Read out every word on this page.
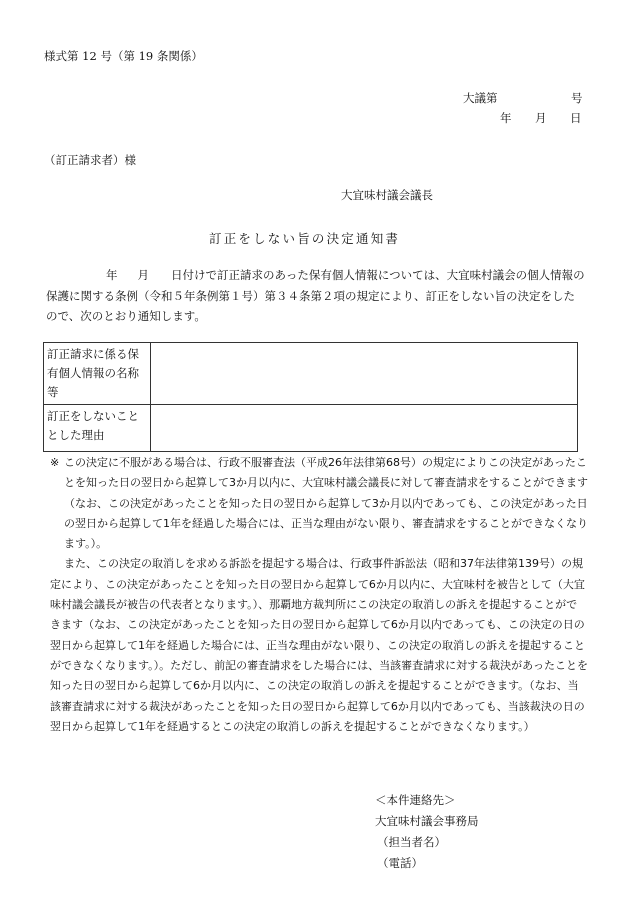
様式第 12 号（第 19 条関係）
大議第	号
年 月 日
（訂正請求者）様
大宜味村議会議長
訂正をしない旨の決定通知書
年 月 日付けで訂正請求のあった保有個人情報については、大宜味村議会の個人情報の保護に関する条例（令和５年条例第１号）第３４条第２項の規定により、訂正をしない旨の決定をしたので、次のとおり通知します。
訂正請求に係る保有個人情報の名称等	
訂正をしないこととした理由	
※ この決定に不服がある場合は、行政不服審査法（平成26年法律第68号）の規定によりこの決定があったことを知った日の翌日から起算して3か月以内に、大宜味村議会議長に対して審査請求をすることができます（なお、この決定があったことを知った日の翌日から起算して3か月以内であっても、この決定があった日の翌日から起算して1年を経過した場合には、正当な理由がない限り、審査請求をすることができなくなります。）。

また、この決定の取消しを求める訴訟を提起する場合は、行政事件訴訟法（昭和37年法律第139号）の規定により、この決定があったことを知った日の翌日から起算して6か月以内に、大宜味村を被告として（大宜味村議会議長が被告の代表者となります。）、那覇地方裁判所にこの決定の取消しの訴えを提起することができます（なお、この決定があったことを知った日の翌日から起算して6か月以内であっても、この決定の日の翌日から起算して1年を経過した場合には、正当な理由がない限り、この決定の取消しの訴えを提起することができなくなります。）。ただし、前記の審査請求をした場合には、当該審査請求に対する裁決があったことを知った日の翌日から起算して6か月以内に、この決定の取消しの訴えを提起することができます。（なお、当該審査請求に対する裁決があったことを知った日の翌日から起算して6か月以内であっても、当該裁決の日の翌日から起算して1年を経過するとこの決定の取消しの訴えを提起することができなくなります。）

＜本件連絡先＞
大宜味村議会事務局
（担当者名）
（電話）
